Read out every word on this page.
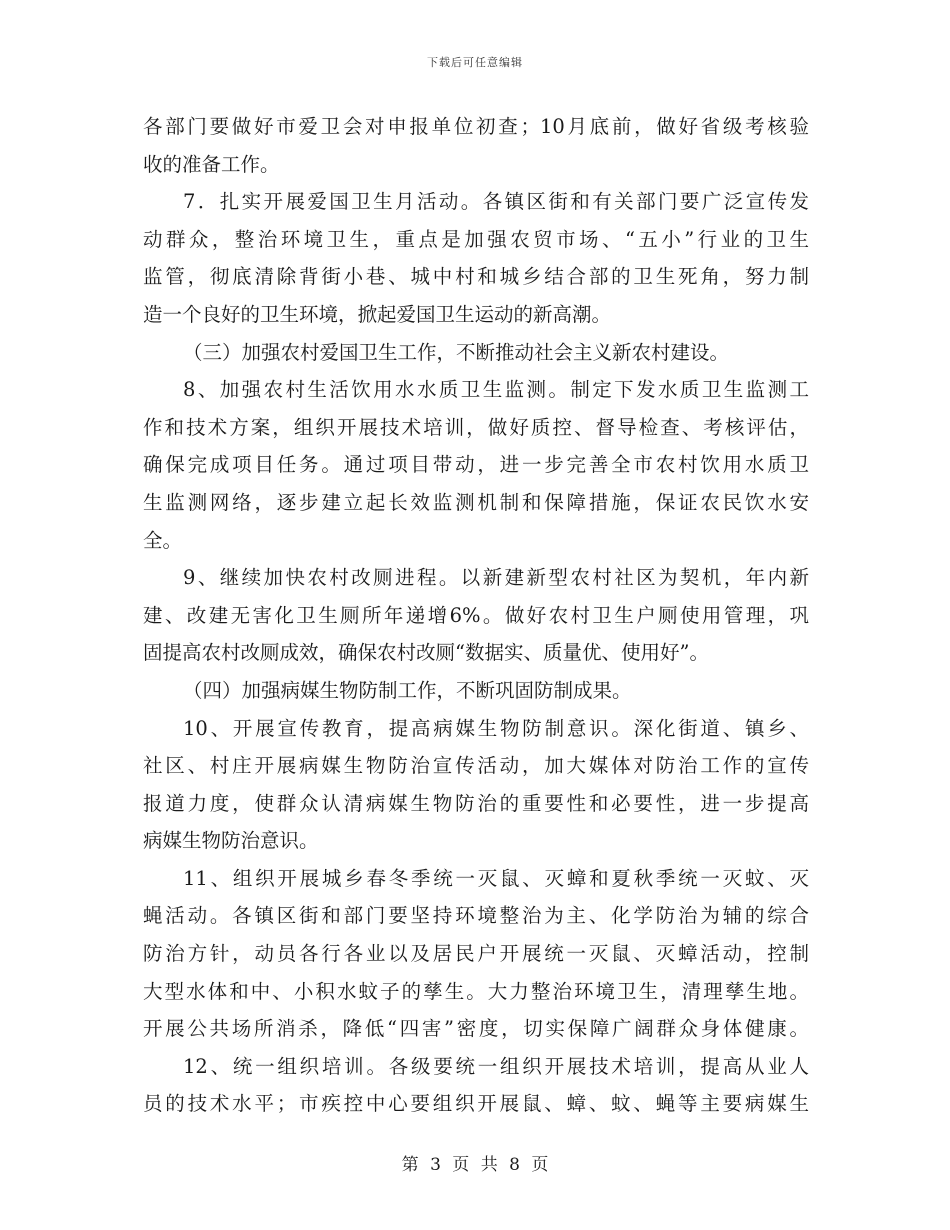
下载后可任意编辑
各部门要做好市爱卫会对申报单位初查；10月底前，做好省级考核验
收的准备工作。
7．扎实开展爱国卫生月活动。各镇区街和有关部门要广泛宣传发
动群众，整治环境卫生，重点是加强农贸市场、“五小”行业的卫生
监管，彻底清除背街小巷、城中村和城乡结合部的卫生死角，努力制
造一个良好的卫生环境，掀起爱国卫生运动的新高潮。
（三）加强农村爱国卫生工作，不断推动社会主义新农村建设。
8、加强农村生活饮用水水质卫生监测。制定下发水质卫生监测工
作和技术方案，组织开展技术培训，做好质控、督导检查、考核评估，
确保完成项目任务。通过项目带动，进一步完善全市农村饮用水质卫
生监测网络，逐步建立起长效监测机制和保障措施，保证农民饮水安
全。
9、继续加快农村改厕进程。以新建新型农村社区为契机，年内新
建、改建无害化卫生厕所年递增6%。做好农村卫生户厕使用管理，巩
固提高农村改厕成效，确保农村改厕“数据实、质量优、使用好”。
（四）加强病媒生物防制工作，不断巩固防制成果。
10、开展宣传教育，提高病媒生物防制意识。深化街道、镇乡、
社区、村庄开展病媒生物防治宣传活动，加大媒体对防治工作的宣传
报道力度，使群众认清病媒生物防治的重要性和必要性，进一步提高
病媒生物防治意识。
11、组织开展城乡春冬季统一灭鼠、灭蟑和夏秋季统一灭蚊、灭
蝇活动。各镇区街和部门要坚持环境整治为主、化学防治为辅的综合
防治方针，动员各行各业以及居民户开展统一灭鼠、灭蟑活动，控制
大型水体和中、小积水蚊子的孳生。大力整治环境卫生，清理孳生地。
开展公共场所消杀，降低“四害”密度，切实保障广阔群众身体健康。
12、统一组织培训。各级要统一组织开展技术培训，提高从业人
员的技术水平；市疾控中心要组织开展鼠、蟑、蚊、蝇等主要病媒生
第 3 页 共 8 页
